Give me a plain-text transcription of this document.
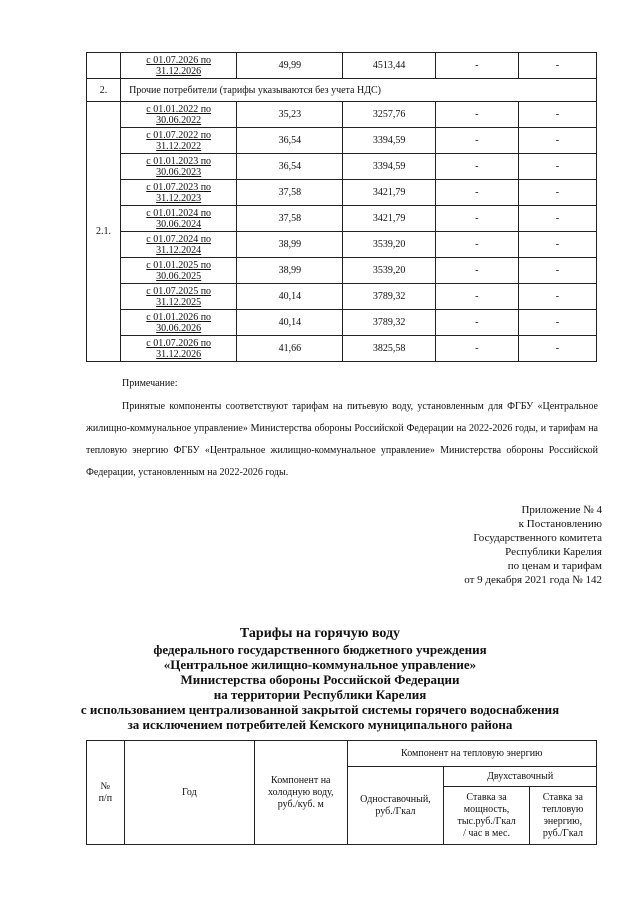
	с 01.07.2026 по
31.12.2026	49,99	4513,44	-	-
2.	Прочие потребители (тарифы указываются без учета НДС)				
2.1.	с 01.01.2022 по
30.06.2022	35,23	3257,76	-	-
	с 01.07.2022 по
31.12.2022	36,54	3394,59	-	-
	с 01.01.2023 по
30.06.2023	36,54	3394,59	-	-
	с 01.07.2023 по
31.12.2023	37,58	3421,79	-	-
	с 01.01.2024 по
30.06.2024	37,58	3421,79	-	-
	с 01.07.2024 по
31.12.2024	38,99	3539,20	-	-
	с 01.01.2025 по
30.06.2025	38,99	3539,20	-	-
	с 01.07.2025 по
31.12.2025	40,14	3789,32	-	-
	с 01.01.2026 по
30.06.2026	40,14	3789,32	-	-
	с 01.07.2026 по
31.12.2026	41,66	3825,58	-	-
Примечание:
Принятые компоненты соответствуют тарифам на питьевую воду, установленным для ФГБУ «Центральное жилищно-коммунальное управление» Министерства обороны Российской Федерации на 2022-2026 годы, и тарифам на тепловую энергию ФГБУ «Центральное жилищно-коммунальное управление» Министерства обороны Российской Федерации, установленным на 2022-2026 годы.
Приложение № 4
к Постановлению
Государственного комитета
Республики Карелия
по ценам и тарифам
от 9 декабря 2021 года № 142
Тарифы на горячую воду
федерального государственного бюджетного учреждения
«Центральное жилищно-коммунальное управление»
Министерства обороны Российской Федерации
на территории Республики Карелия
с использованием централизованной закрытой системы горячего водоснабжения
за исключением потребителей Кемского муниципального района
№
п/п	Год	Компонент на
холодную воду,
руб./куб. м	Компонент на тепловую энергию		
			Одноставочный,
руб./Гкал	Двухставочный	
				Ставка за
мощность,
тыс.руб./Гкал
/ час в мес.	Ставка за
тепловую
энергию,
руб./Гкал
